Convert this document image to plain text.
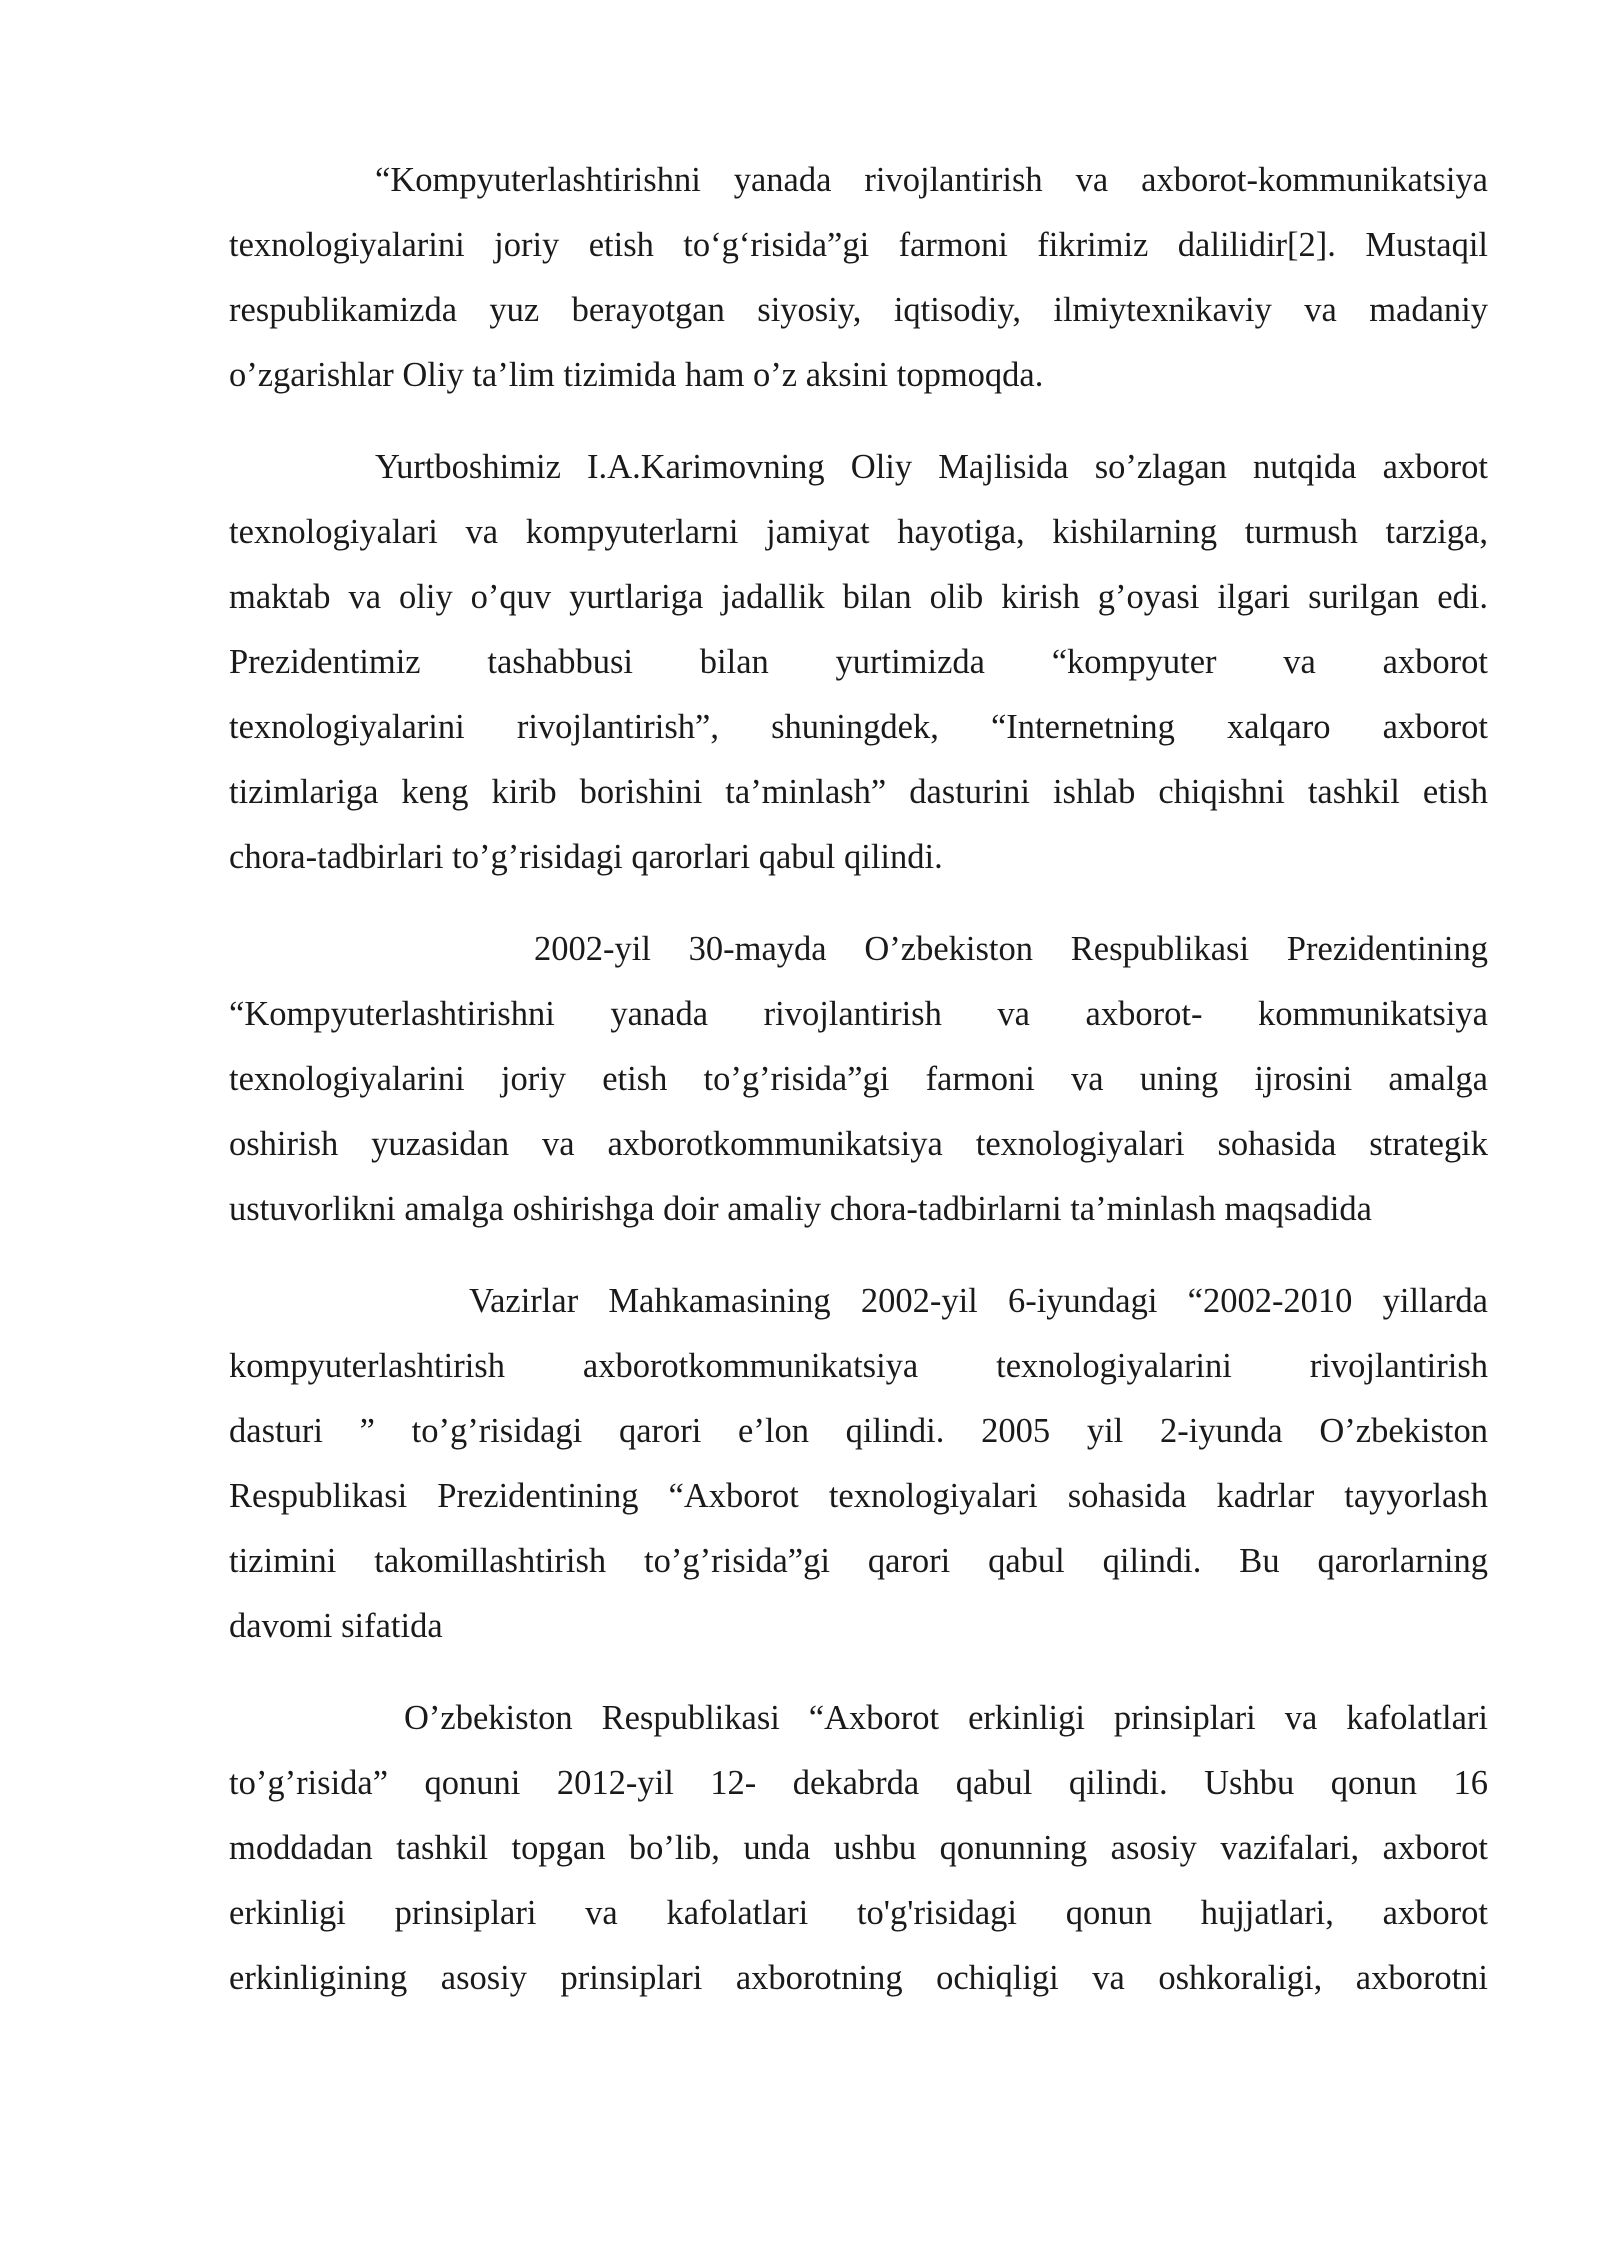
“Kompyuterlashtirishni yanada rivojlantirish va axborot-kommunikatsiya
texnologiyalarini joriy etish to‘g‘risida”gi farmoni fikrimiz dalilidir[2]. Mustaqil
respublikamizda yuz berayotgan siyosiy, iqtisodiy, ilmiytexnikaviy va madaniy
o’zgarishlar Oliy ta’lim tizimida ham o’z aksini topmoqda.
Yurtboshimiz I.A.Karimovning Oliy Majlisida so’zlagan nutqida axborot
texnologiyalari va kompyuterlarni jamiyat hayotiga, kishilarning turmush tarziga,
maktab va oliy o’quv yurtlariga jadallik bilan olib kirish g’oyasi ilgari surilgan edi.
Prezidentimiz tashabbusi bilan yurtimizda “kompyuter va axborot
texnologiyalarini rivojlantirish”, shuningdek, “Internetning xalqaro axborot
tizimlariga keng kirib borishini ta’minlash” dasturini ishlab chiqishni tashkil etish
chora-tadbirlari to’g’risidagi qarorlari qabul qilindi.
2002-yil 30-mayda O’zbekiston Respublikasi Prezidentining
“Kompyuterlashtirishni yanada rivojlantirish va axborot- kommunikatsiya
texnologiyalarini joriy etish to’g’risida”gi farmoni va uning ijrosini amalga
oshirish yuzasidan va axborotkommunikatsiya texnologiyalari sohasida strategik
ustuvorlikni amalga oshirishga doir amaliy chora-tadbirlarni ta’minlash maqsadida
Vazirlar Mahkamasining 2002-yil 6-iyundagi “2002-2010 yillarda
kompyuterlashtirish axborotkommunikatsiya texnologiyalarini rivojlantirish
dasturi ” to’g’risidagi qarori e’lon qilindi. 2005 yil 2-iyunda O’zbekiston
Respublikasi Prezidentining “Axborot texnologiyalari sohasida kadrlar tayyorlash
tizimini takomillashtirish to’g’risida”gi qarori qabul qilindi. Bu qarorlarning
davomi sifatida
O’zbekiston Respublikasi “Axborot erkinligi prinsiplari va kafolatlari
to’g’risida” qonuni 2012-yil 12- dekabrda qabul qilindi. Ushbu qonun 16
moddadan tashkil topgan bo’lib, unda ushbu qonunning asosiy vazifalari, axborot
erkinligi prinsiplari va kafolatlari to'g'risidagi qonun hujjatlari, axborot
erkinligining asosiy prinsiplari axborotning ochiqligi va oshkoraligi, axborotni
